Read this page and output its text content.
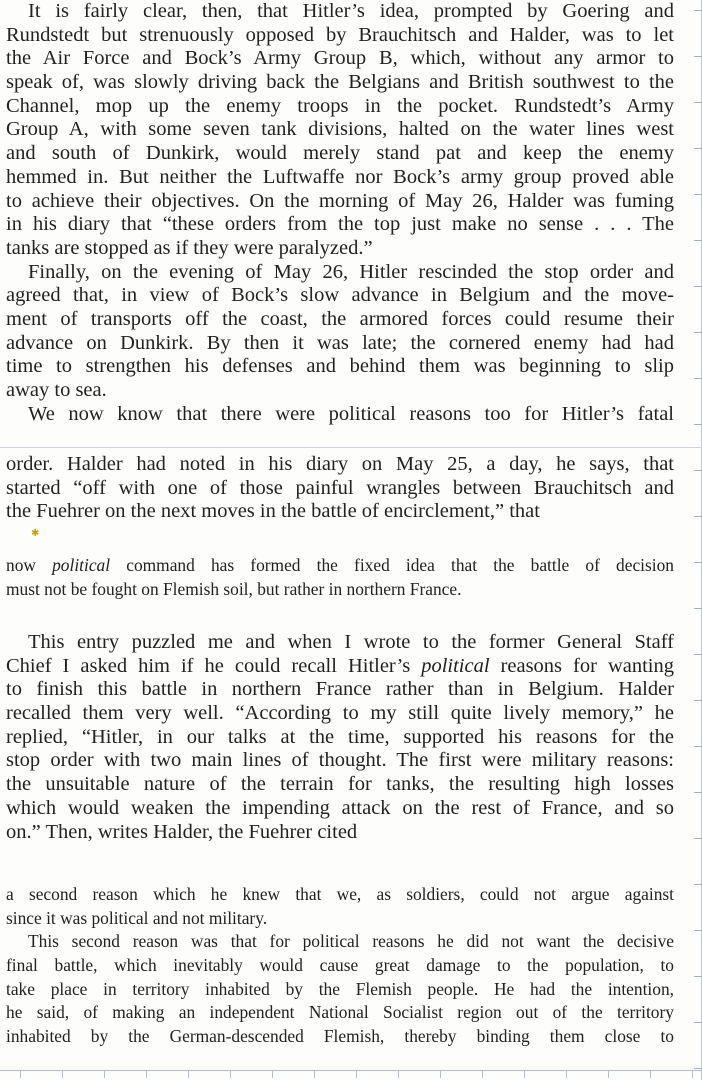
It is fairly clear, then, that Hitler’s idea, prompted by Goering and
Rundstedt but strenuously opposed by Brauchitsch and Halder, was to let
the Air Force and Bock’s Army Group B, which, without any armor to
speak of, was slowly driving back the Belgians and British southwest to the
Channel, mop up the enemy troops in the pocket. Rundstedt’s Army
Group A, with some seven tank divisions, halted on the water lines west
and south of Dunkirk, would merely stand pat and keep the enemy
hemmed in. But neither the Luftwaffe nor Bock’s army group proved able
to achieve their objectives. On the morning of May 26, Halder was fuming
in his diary that “these orders from the top just make no sense . . . The
tanks are stopped as if they were paralyzed.”
Finally, on the evening of May 26, Hitler rescinded the stop order and
agreed that, in view of Bock’s slow advance in Belgium and the move-
ment of transports off the coast, the armored forces could resume their
advance on Dunkirk. By then it was late; the cornered enemy had had
time to strengthen his defenses and behind them was beginning to slip
away to sea.
We now know that there were political reasons too for Hitler’s fatal
order. Halder had noted in his diary on May 25, a day, he says, that
started “off with one of those painful wrangles between Brauchitsch and
the Fuehrer on the next moves in the battle of encirclement,” that
✱
now political command has formed the fixed idea that the battle of decision
must not be fought on Flemish soil, but rather in northern France.
This entry puzzled me and when I wrote to the former General Staff
Chief I asked him if he could recall Hitler’s political reasons for wanting
to finish this battle in northern France rather than in Belgium. Halder
recalled them very well. “According to my still quite lively memory,” he
replied, “Hitler, in our talks at the time, supported his reasons for the
stop order with two main lines of thought. The first were military reasons:
the unsuitable nature of the terrain for tanks, the resulting high losses
which would weaken the impending attack on the rest of France, and so
on.” Then, writes Halder, the Fuehrer cited
a second reason which he knew that we, as soldiers, could not argue against
since it was political and not military.
This second reason was that for political reasons he did not want the decisive
final battle, which inevitably would cause great damage to the population, to
take place in territory inhabited by the Flemish people. He had the intention,
he said, of making an independent National Socialist region out of the territory
inhabited by the German-descended Flemish, thereby binding them close to
